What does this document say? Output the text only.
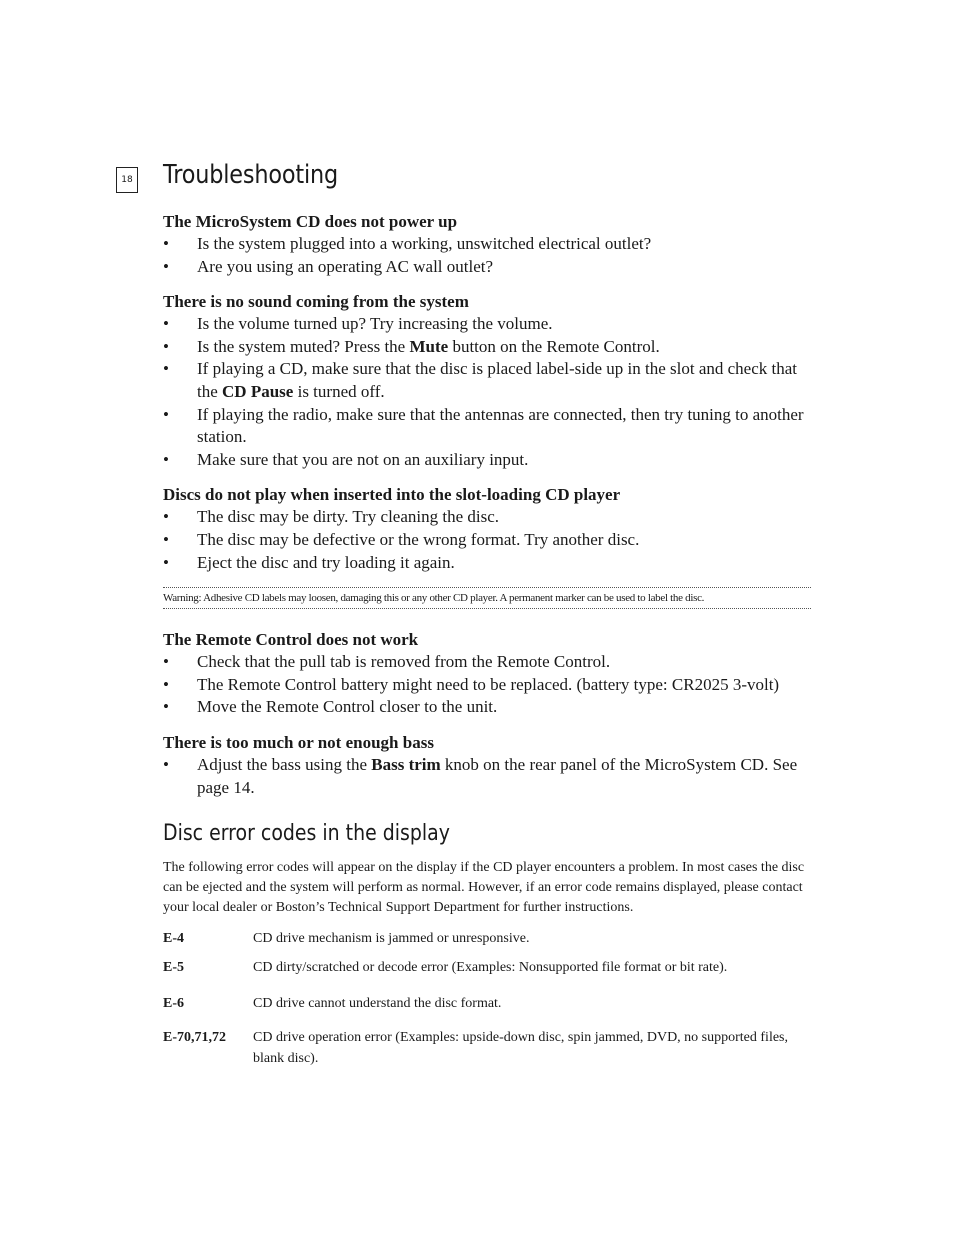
18 Troubleshooting
The MicroSystem CD does not power up
• Is the system plugged into a working, unswitched electrical outlet?
• Are you using an operating AC wall outlet?
There is no sound coming from the system
• Is the volume turned up? Try increasing the volume.
• Is the system muted? Press the Mute button on the Remote Control.
• If playing a CD, make sure that the disc is placed label-side up in the slot and check that the CD Pause is turned off.
• If playing the radio, make sure that the antennas are connected, then try tuning to another station.
• Make sure that you are not on an auxiliary input.
Discs do not play when inserted into the slot-loading CD player
• The disc may be dirty. Try cleaning the disc.
• The disc may be defective or the wrong format. Try another disc.
• Eject the disc and try loading it again.
Warning: Adhesive CD labels may loosen, damaging this or any other CD player. A permanent marker can be used to label the disc.
The Remote Control does not work
• Check that the pull tab is removed from the Remote Control.
• The Remote Control battery might need to be replaced. (battery type: CR2025 3-volt)
• Move the Remote Control closer to the unit.
There is too much or not enough bass
• Adjust the bass using the Bass trim knob on the rear panel of the MicroSystem CD. See page 14.
Disc error codes in the display

The following error codes will appear on the display if the CD player encounters a problem. In most cases the disc can be ejected and the system will perform as normal. However, if an error code remains displayed, please contact your local dealer or Boston’s Technical Support Department for further instructions.

E-4	CD drive mechanism is jammed or unresponsive.
E-5	CD dirty/scratched or decode error (Examples: Nonsupported file format or bit rate).
E-6	CD drive cannot understand the disc format.
E-70,71,72	CD drive operation error (Examples: upside-down disc, spin jammed, DVD, no supported files, blank disc).
